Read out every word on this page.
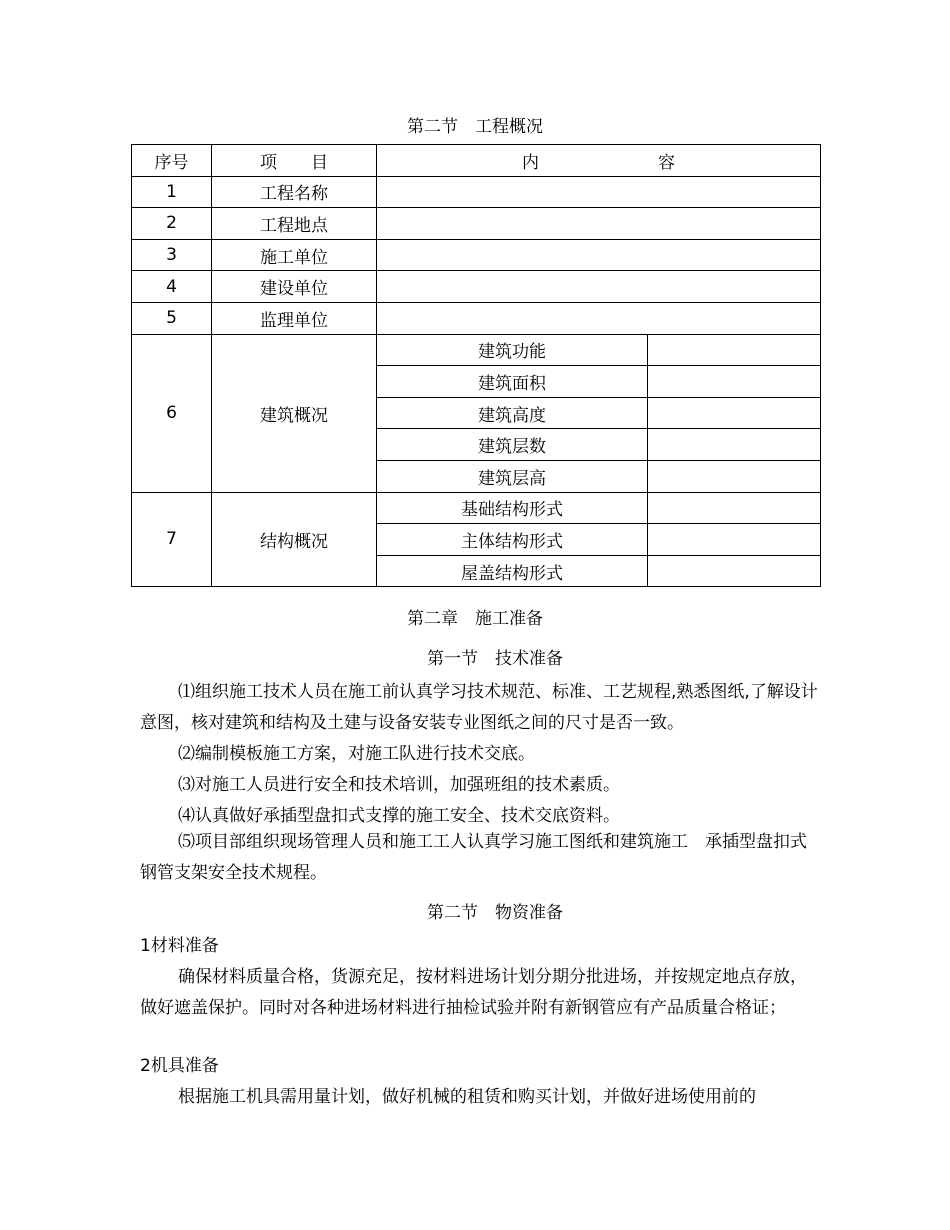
第二节　工程概况
序号	项　　目	内　　　　　　　容	
1	工程名称		
2	工程地点		
3	施工单位		
4	建设单位		
5	监理单位		
6	建筑概况	建筑功能	
		建筑面积	
		建筑高度	
		建筑层数	
		建筑层高	
7	结构概况	基础结构形式	
		主体结构形式	
		屋盖结构形式	
第二章　施工准备
第一节　技术准备
⑴组织施工技术人员在施工前认真学习技术规范、标准、工艺规程,熟悉图纸,了解设计意图，核对建筑和结构及土建与设备安装专业图纸之间的尺寸是否一致。
⑵编制模板施工方案，对施工队进行技术交底。
⑶对施工人员进行安全和技术培训，加强班组的技术素质。
⑷认真做好承插型盘扣式支撑的施工安全、技术交底资料。
⑸项目部组织现场管理人员和施工工人认真学习施工图纸和建筑施工　承插型盘扣式钢管支架安全技术规程。
第二节　物资准备
1材料准备
确保材料质量合格，货源充足，按材料进场计划分期分批进场，并按规定地点存放，做好遮盖保护。同时对各种进场材料进行抽检试验并附有新钢管应有产品质量合格证；
2机具准备
根据施工机具需用量计划，做好机械的租赁和购买计划，并做好进场使用前的
